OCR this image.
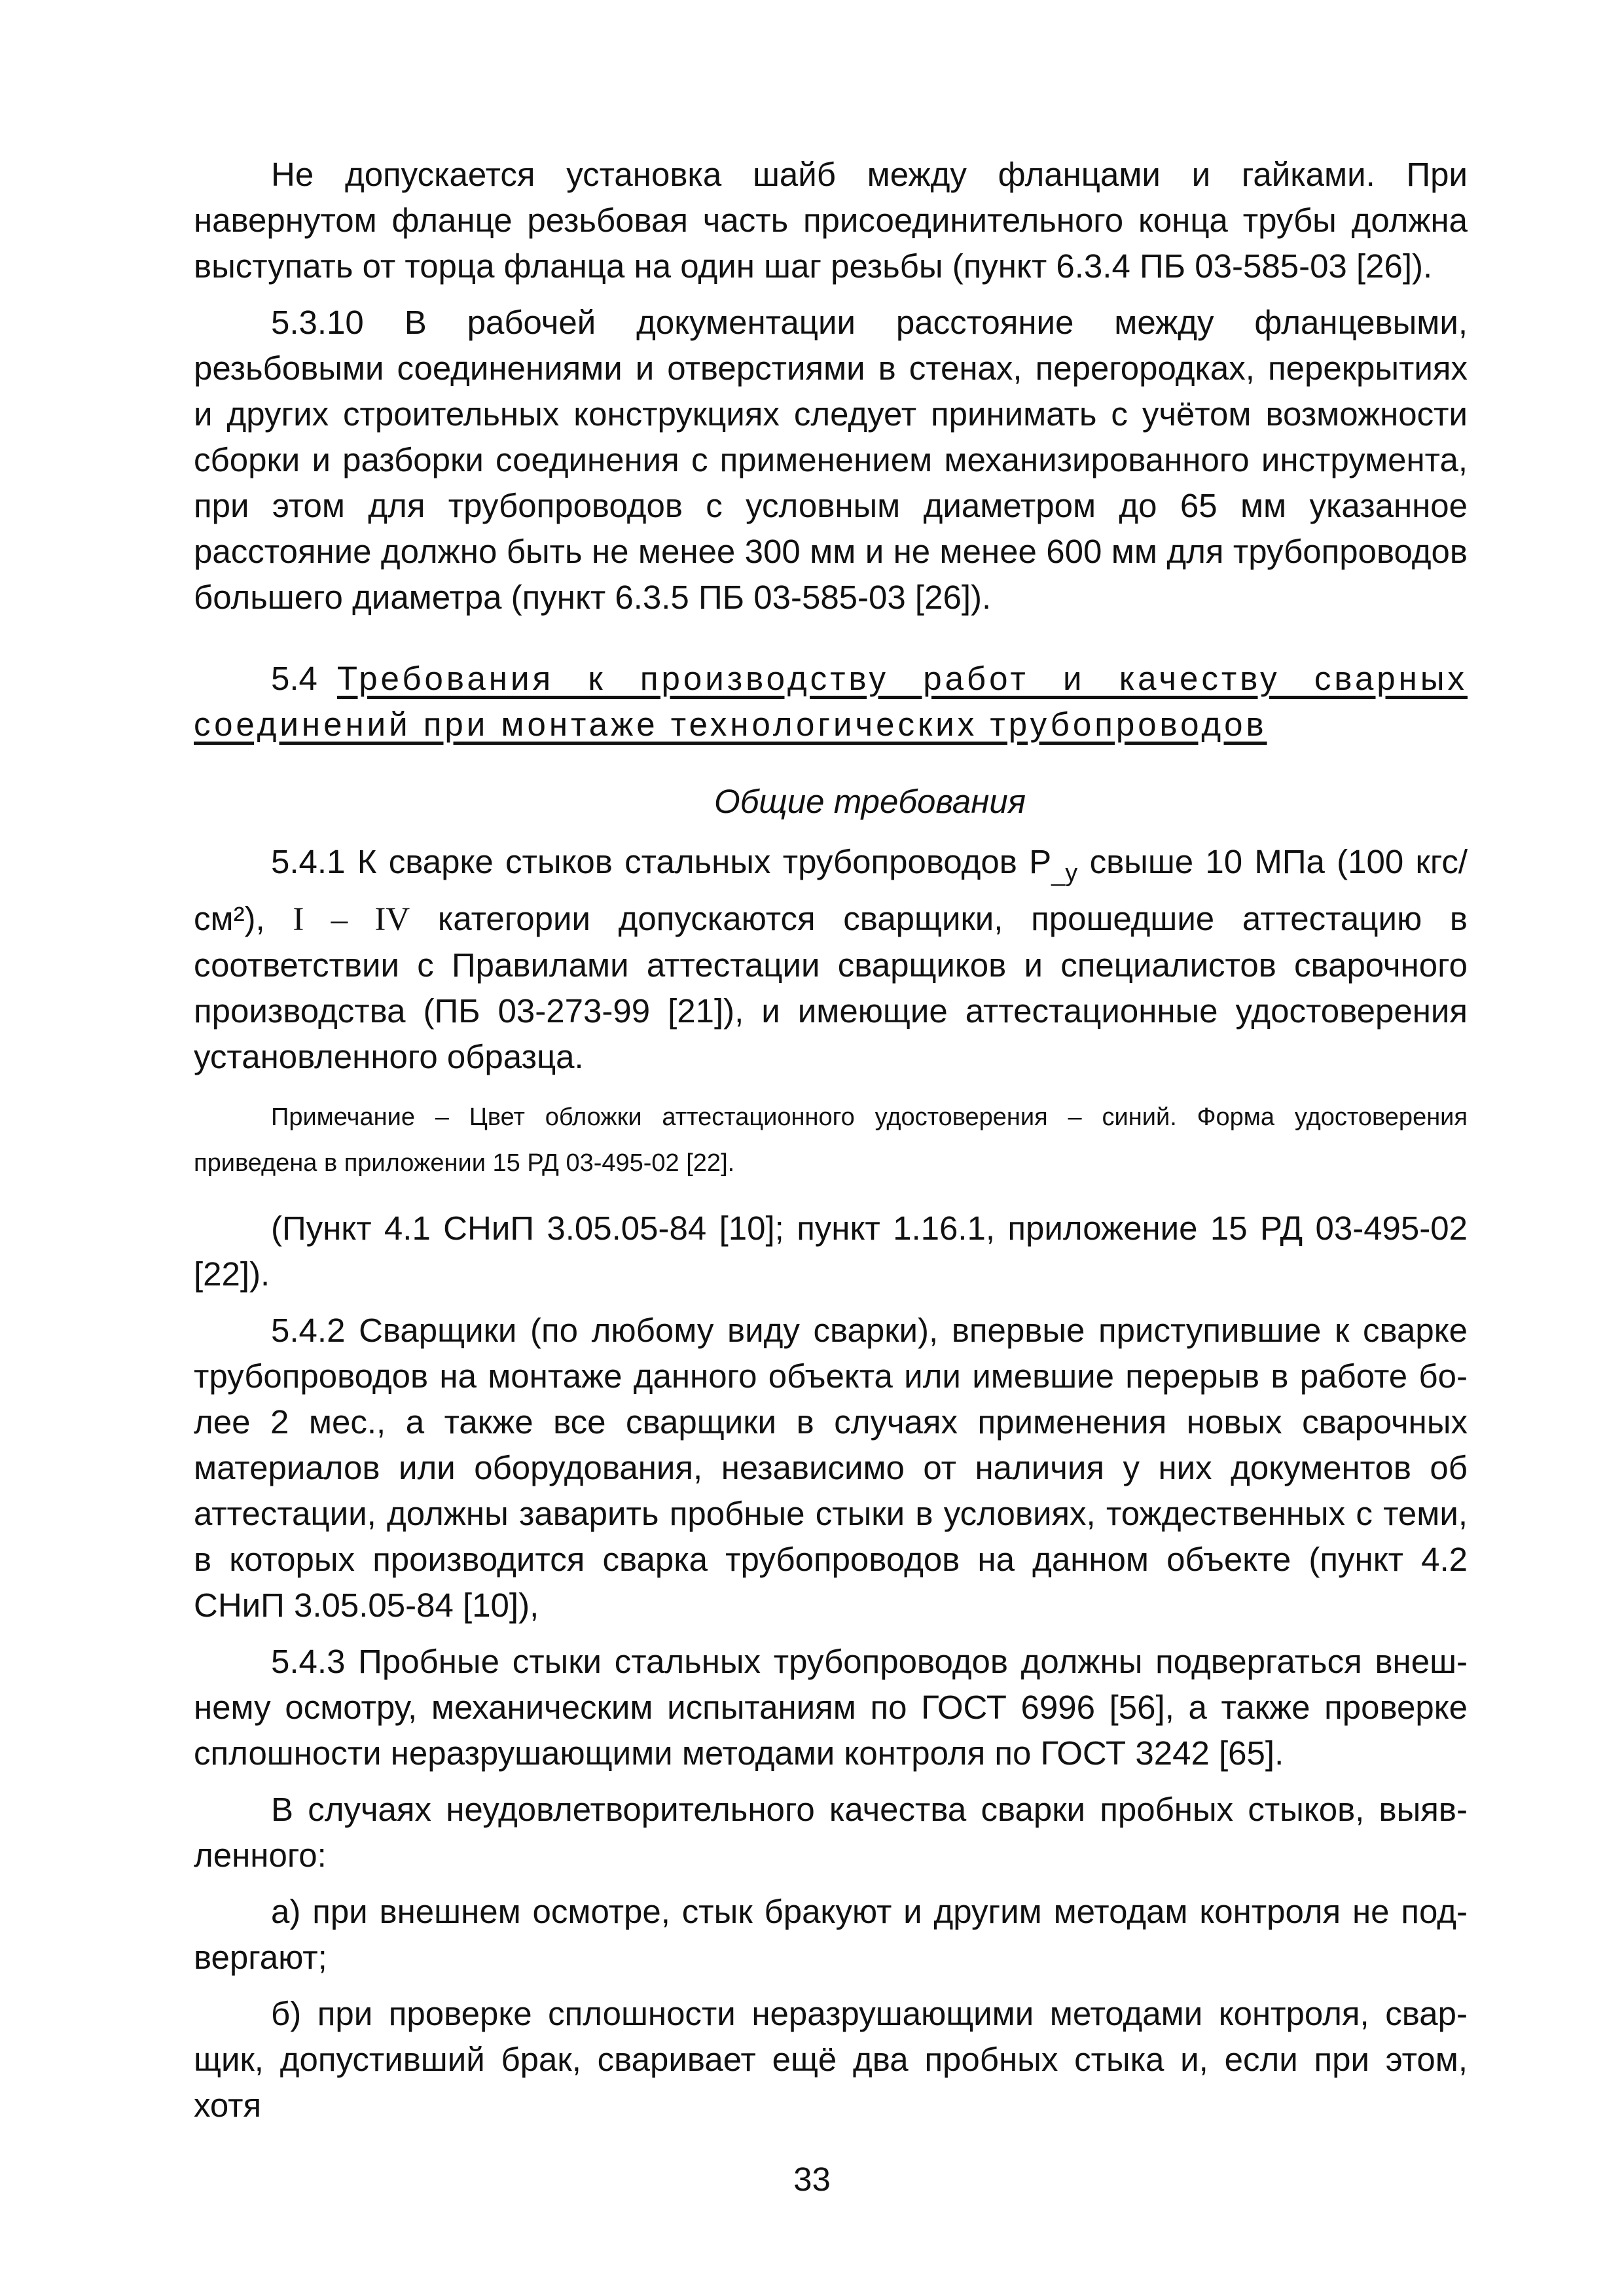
Не допускается установка шайб между фланцами и гайками. При навернутом фланце резьбовая часть присоединительного конца трубы должна выступать от торца фланца на один шаг резьбы (пункт 6.3.4 ПБ 03-585-03 [26]).

5.3.10 В рабочей документации расстояние между фланцевыми, резьбовыми соединениями и отверстиями в стенах, перегородках, перекрытиях и других строительных конструкциях следует принимать с учётом возможности сборки и разборки соединения с применением механизированного инструмента, при этом для трубопроводов с условным диаметром до 65 мм указанное расстояние должно быть не менее 300 мм и не менее 600 мм для трубопроводов большего диаметра (пункт 6.3.5 ПБ 03-585-03 [26]).

5.4 Требования к производству работ и качеству сварных соединений при монтаже технологических трубопроводов

Общие требования

5.4.1 К сварке стыков стальных трубопроводов $Р_{\_у}$ свыше 10 МПа (100 кгс/см²), I – IV категории допускаются сварщики, прошедшие аттестацию в соответствии с Правилами аттестации сварщиков и специалистов сварочного производства (ПБ 03-273-99 [21]), и имеющие аттестационные удостоверения установленного образца.

Примечание – Цвет обложки аттестационного удостоверения – синий. Форма удостоверения приведена в приложении 15 РД 03-495-02 [22].

(Пункт 4.1 СНиП 3.05.05-84 [10]; пункт 1.16.1, приложение 15 РД 03-495-02 [22]).

5.4.2 Сварщики (по любому виду сварки), впервые приступившие к сварке трубопроводов на монтаже данного объекта или имевшие перерыв в работе более 2 мес., а также все сварщики в случаях применения новых сварочных материалов или оборудования, независимо от наличия у них документов об аттестации, должны заварить пробные стыки в условиях, тождественных с теми, в которых производится сварка трубопроводов на данном объекте (пункт 4.2 СНиП 3.05.05-84 [10]),

5.4.3 Пробные стыки стальных трубопроводов должны подвергаться внешнему осмотру, механическим испытаниям по ГОСТ 6996 [56], а также проверке сплошности неразрушающими методами контроля по ГОСТ 3242 [65].

В случаях неудовлетворительного качества сварки пробных стыков, выявленного:

а) при внешнем осмотре, стык бракуют и другим методам контроля не подвергают;

б) при проверке сплошности неразрушающими методами контроля, сварщик, допустивший брак, сваривает ещё два пробных стыка и, если при этом, хотя

33
